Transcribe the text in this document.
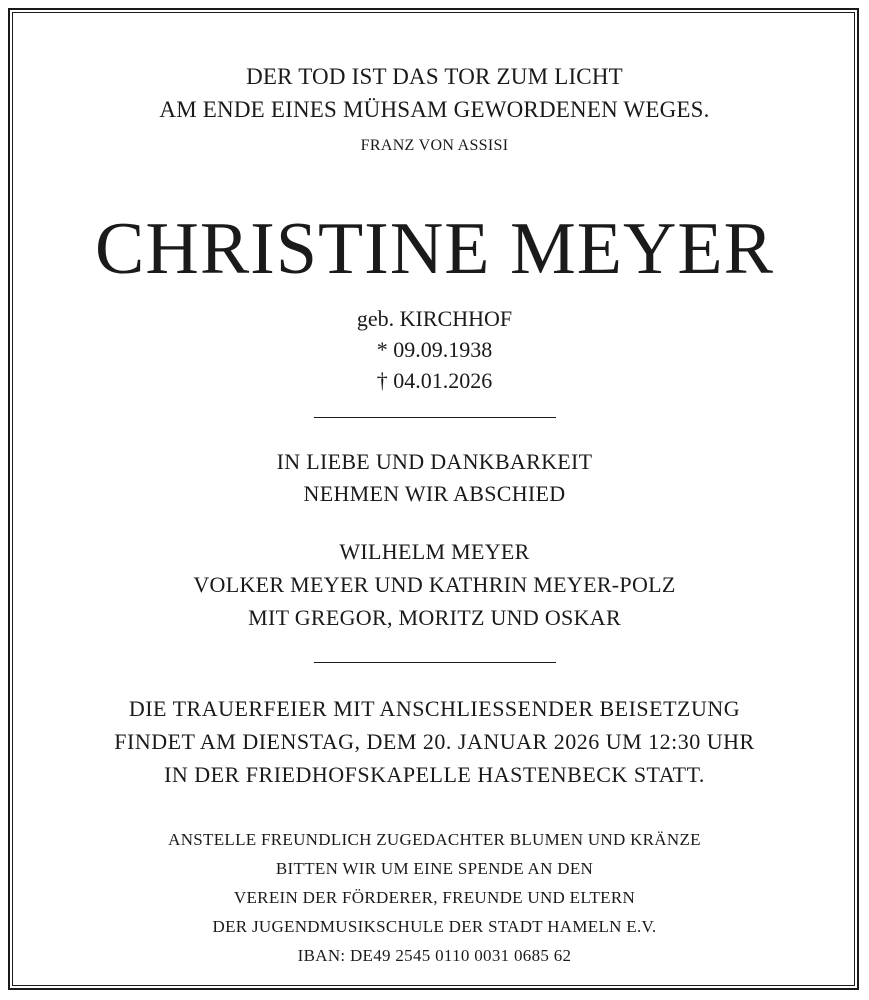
DER TOD IST DAS TOR ZUM LICHT
AM ENDE EINES MÜHSAM GEWORDENEN WEGES.
FRANZ VON ASSISI
CHRISTINE MEYER
geb. KIRCHHOF
* 09.09.1938
† 04.01.2026
IN LIEBE UND DANKBARKEIT
NEHMEN WIR ABSCHIED
WILHELM MEYER
VOLKER MEYER UND KATHRIN MEYER-POLZ
MIT GREGOR, MORITZ UND OSKAR
DIE TRAUERFEIER MIT ANSCHLIESSENDER BEISETZUNG
FINDET AM DIENSTAG, DEM 20. JANUAR 2026 UM 12:30 UHR
IN DER FRIEDHOFSKAPELLE HASTENBECK STATT.
ANSTELLE FREUNDLICH ZUGEDACHTER BLUMEN UND KRÄNZE
BITTEN WIR UM EINE SPENDE AN DEN
VEREIN DER FÖRDERER, FREUNDE UND ELTERN
DER JUGENDMUSIKSCHULE DER STADT HAMELN E.V.
IBAN: DE49 2545 0110 0031 0685 62
